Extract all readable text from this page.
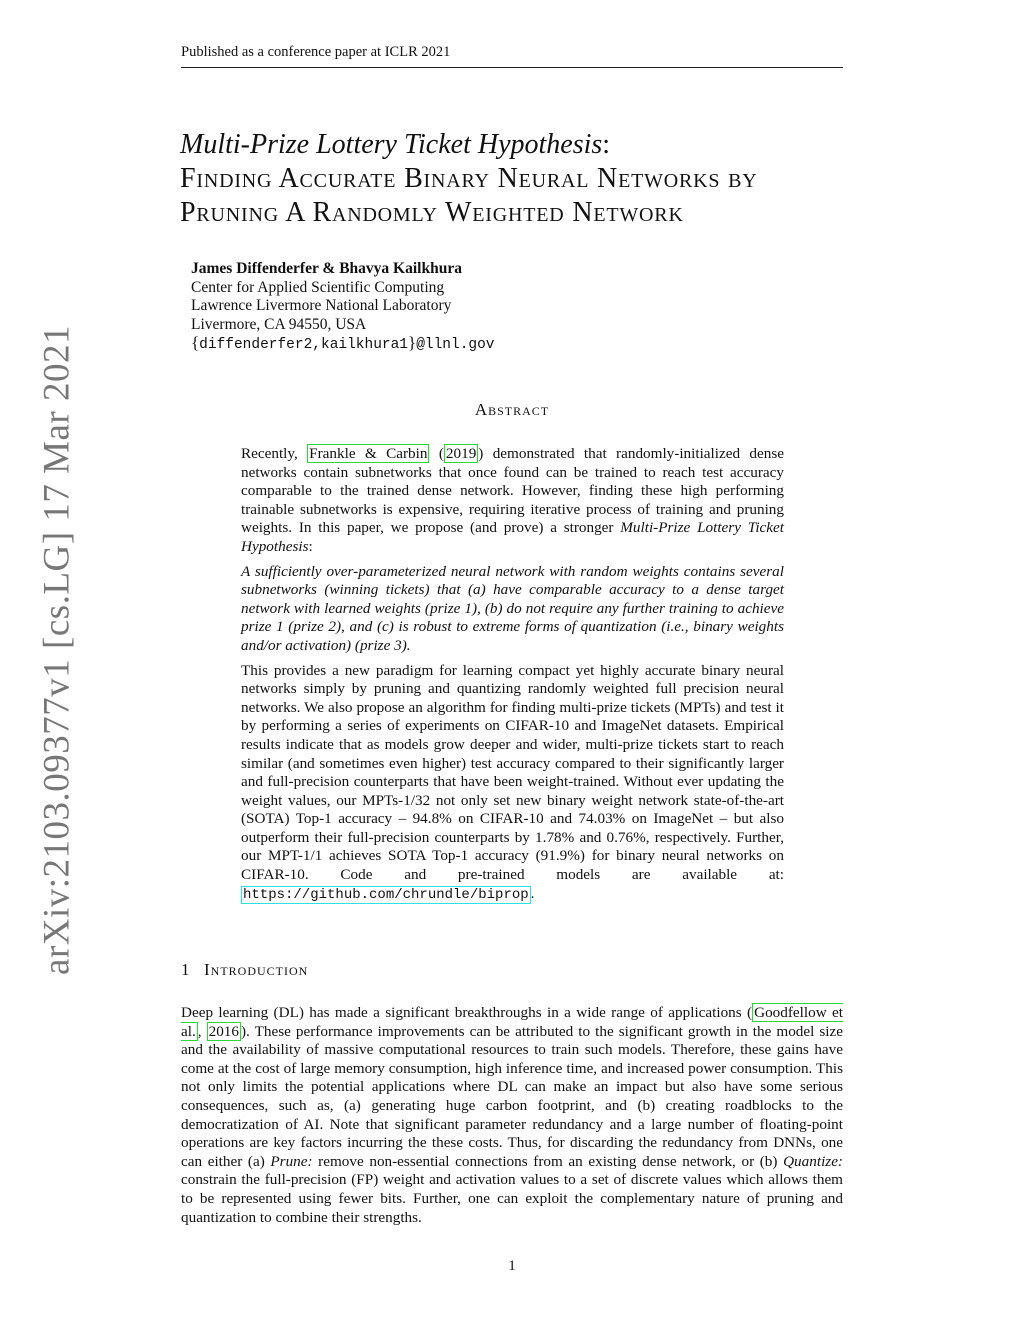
Published as a conference paper at ICLR 2021
arXiv:2103.09377v1 [cs.LG] 17 Mar 2021
Multi-Prize Lottery Ticket Hypothesis:
Finding Accurate Binary Neural Networks by
Pruning A Randomly Weighted Network
James Diffenderfer & Bhavya Kailkhura
Center for Applied Scientific Computing
Lawrence Livermore National Laboratory
Livermore, CA 94550, USA
{diffenderfer2,kailkhura1}@llnl.gov
Abstract

Recently, Frankle & Carbin ( 2019 ) demonstrated that randomly-initialized dense networks contain subnetworks that once found can be trained to reach test accuracy comparable to the trained dense network. However, finding these high performing trainable subnetworks is expensive, requiring iterative process of training and pruning weights. In this paper, we propose (and prove) a stronger Multi-Prize Lottery Ticket Hypothesis:

A sufficiently over-parameterized neural network with random weights contains several subnetworks (winning tickets) that (a) have comparable accuracy to a dense target network with learned weights (prize 1), (b) do not require any further training to achieve prize 1 (prize 2), and (c) is robust to extreme forms of quantization (i.e., binary weights and/or activation) (prize 3).

This provides a new paradigm for learning compact yet highly accurate binary neural networks simply by pruning and quantizing randomly weighted full precision neural networks. We also propose an algorithm for finding multi-prize tickets (MPTs) and test it by performing a series of experiments on CIFAR-10 and ImageNet datasets. Empirical results indicate that as models grow deeper and wider, multi-prize tickets start to reach similar (and sometimes even higher) test accuracy compared to their significantly larger and full-precision counterparts that have been weight-trained. Without ever updating the weight values, our MPTs-1/32 not only set new binary weight network state-of-the-art (SOTA) Top-1 accuracy – 94.8% on CIFAR-10 and 74.03% on ImageNet – but also outperform their full-precision counterparts by 1.78% and 0.76%, respectively. Further, our MPT-1/1 achieves SOTA Top-1 accuracy (91.9%) for binary neural networks on CIFAR-10. Code and pre-trained models are available at: https://github.com/chrundle/biprop .

1 Introduction

Deep learning (DL) has made a significant breakthroughs in a wide range of applications ( Goodfellow et al. , 2016 ). These performance improvements can be attributed to the significant growth in the model size and the availability of massive computational resources to train such models. Therefore, these gains have come at the cost of large memory consumption, high inference time, and increased power consumption. This not only limits the potential applications where DL can make an impact but also have some serious consequences, such as, (a) generating huge carbon footprint, and (b) creating roadblocks to the democratization of AI. Note that significant parameter redundancy and a large number of floating-point operations are key factors incurring the these costs. Thus, for discarding the redundancy from DNNs, one can either (a) Prune: remove non-essential connections from an existing dense network, or (b) Quantize: constrain the full-precision (FP) weight and activation values to a set of discrete values which allows them to be represented using fewer bits. Further, one can exploit the complementary nature of pruning and quantization to combine their strengths.

1
